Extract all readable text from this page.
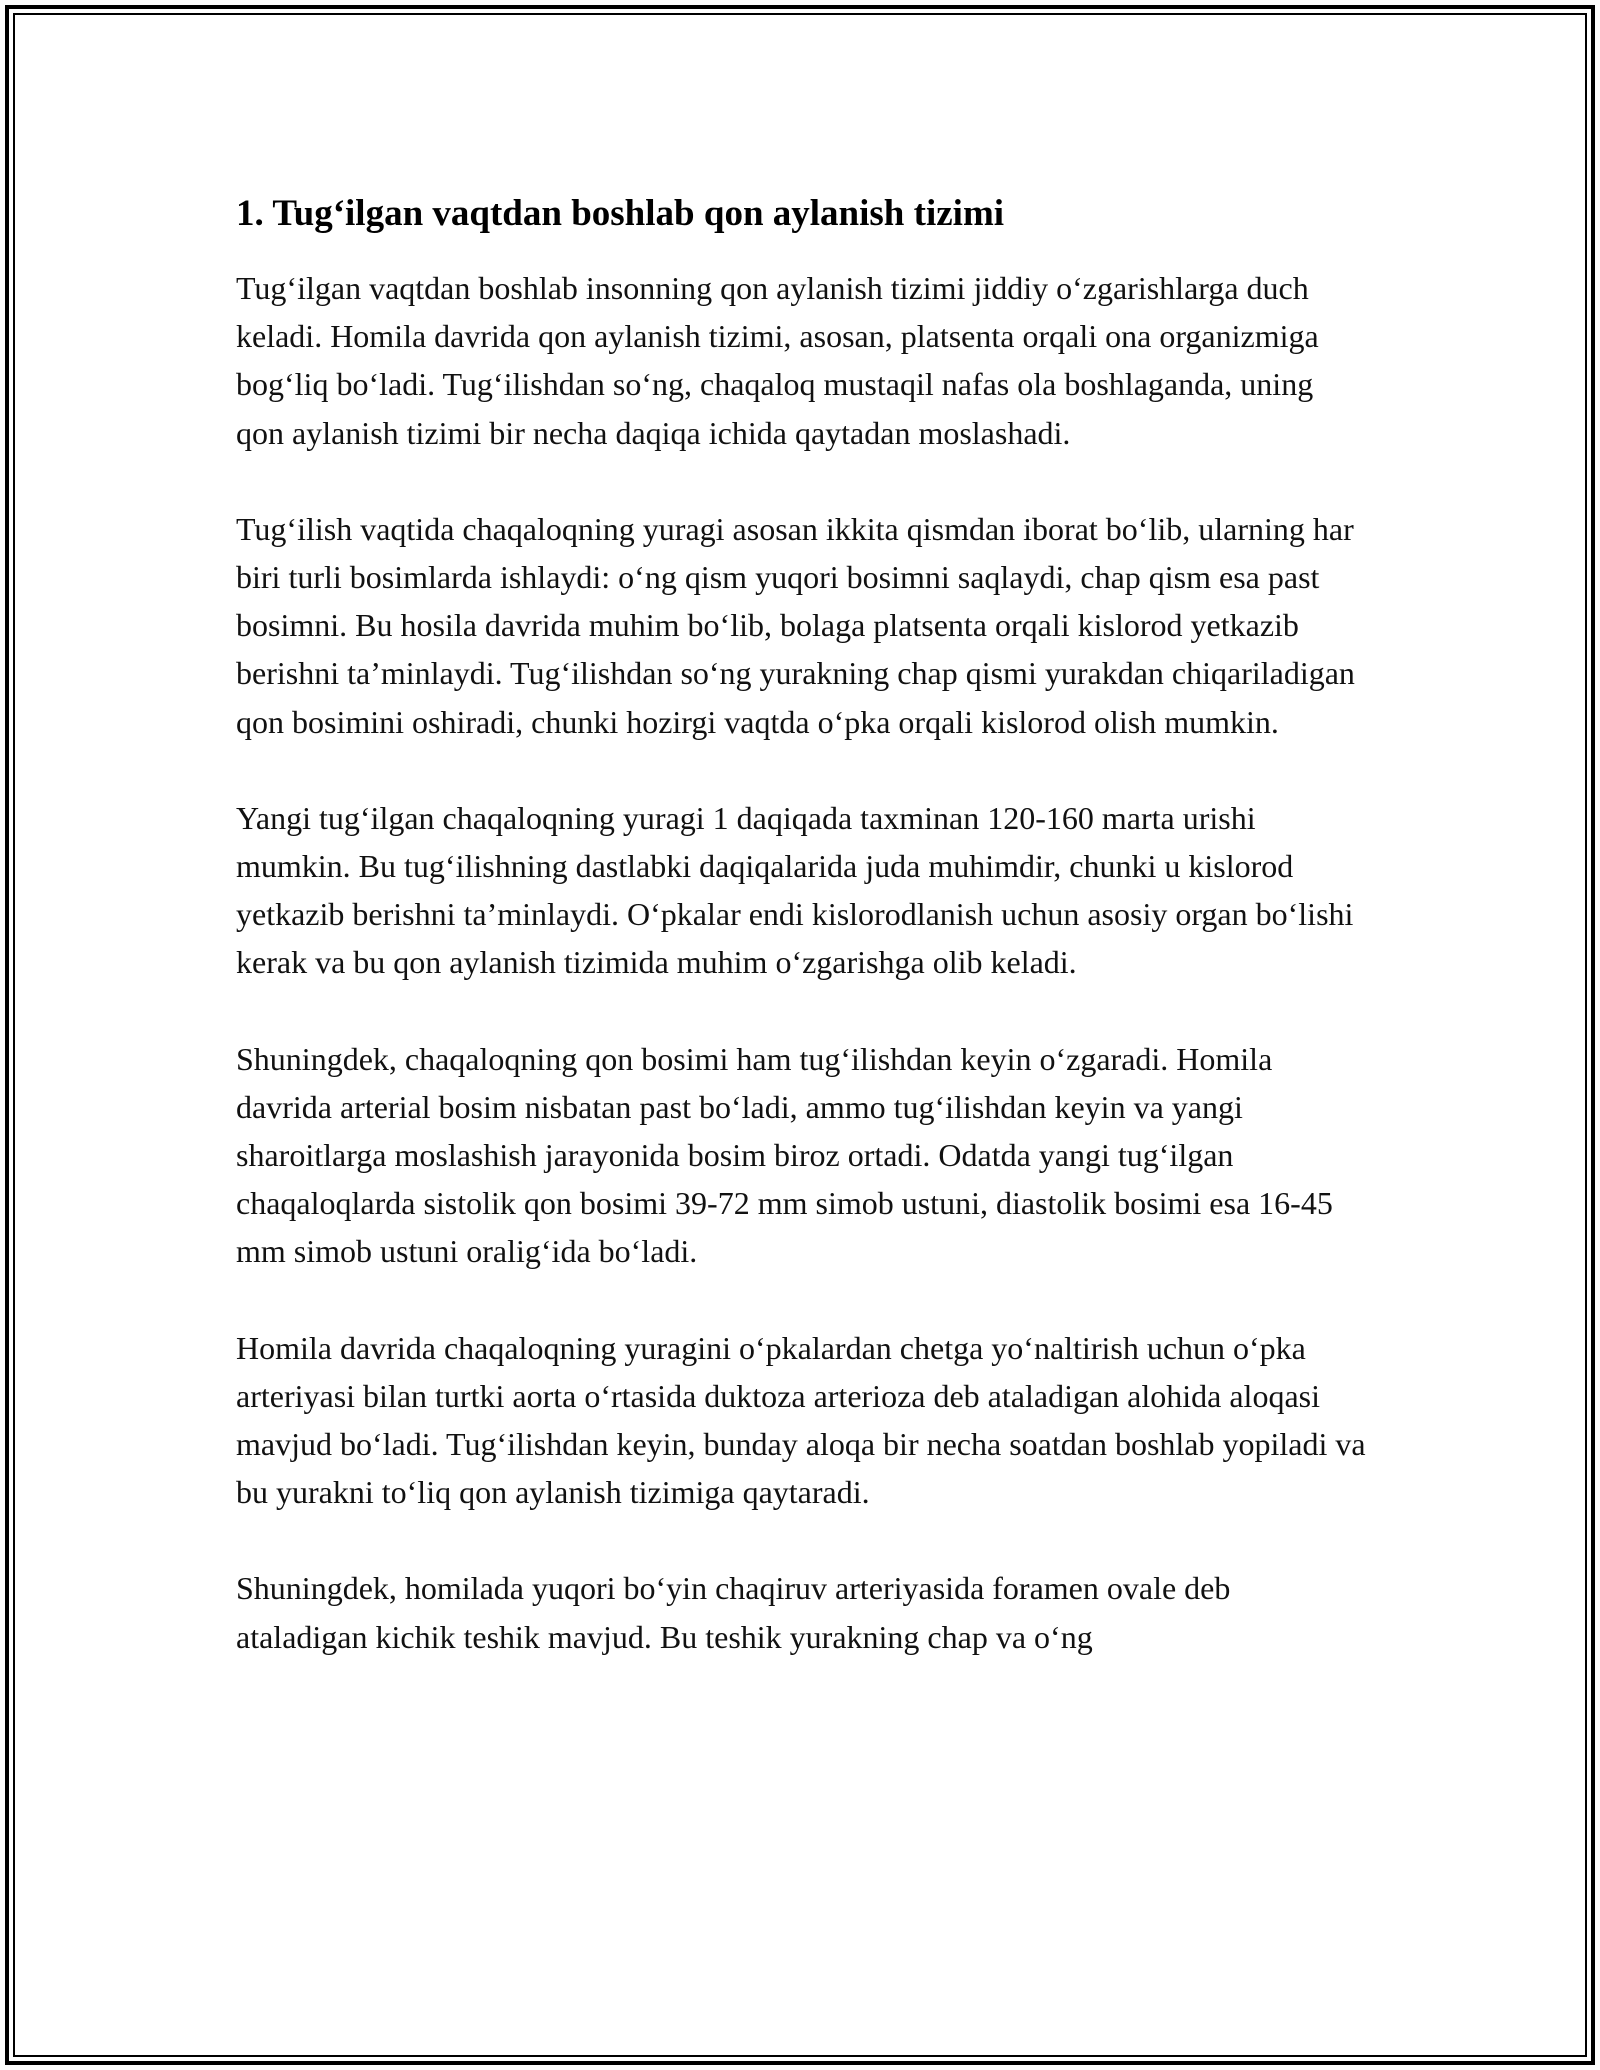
1. Tug‘ilgan vaqtdan boshlab qon aylanish tizimi

Tug‘ilgan vaqtdan boshlab insonning qon aylanish tizimi jiddiy o‘zgarishlarga duch keladi. Homila davrida qon aylanish tizimi, asosan, platsenta orqali ona organizmiga bog‘liq bo‘ladi. Tug‘ilishdan so‘ng, chaqaloq mustaqil nafas ola boshlaganda, uning qon aylanish tizimi bir necha daqiqa ichida qaytadan moslashadi.

Tug‘ilish vaqtida chaqaloqning yuragi asosan ikkita qismdan iborat bo‘lib, ularning har biri turli bosimlarda ishlaydi: o‘ng qism yuqori bosimni saqlaydi, chap qism esa past bosimni. Bu hosila davrida muhim bo‘lib, bolaga platsenta orqali kislorod yetkazib berishni ta’minlaydi. Tug‘ilishdan so‘ng yurakning chap qismi yurakdan chiqariladigan qon bosimini oshiradi, chunki hozirgi vaqtda o‘pka orqali kislorod olish mumkin.

Yangi tug‘ilgan chaqaloqning yuragi 1 daqiqada taxminan 120-160 marta urishi mumkin. Bu tug‘ilishning dastlabki daqiqalarida juda muhimdir, chunki u kislorod yetkazib berishni ta’minlaydi. O‘pkalar endi kislorodlanish uchun asosiy organ bo‘lishi kerak va bu qon aylanish tizimida muhim o‘zgarishga olib keladi.

Shuningdek, chaqaloqning qon bosimi ham tug‘ilishdan keyin o‘zgaradi. Homila davrida arterial bosim nisbatan past bo‘ladi, ammo tug‘ilishdan keyin va yangi sharoitlarga moslashish jarayonida bosim biroz ortadi. Odatda yangi tug‘ilgan chaqaloqlarda sistolik qon bosimi 39-72 mm simob ustuni, diastolik bosimi esa 16-45 mm simob ustuni oralig‘ida bo‘ladi.

Homila davrida chaqaloqning yuragini o‘pkalardan chetga yo‘naltirish uchun o‘pka arteriyasi bilan turtki aorta o‘rtasida duktoza arterioza deb ataladigan alohida aloqasi mavjud bo‘ladi. Tug‘ilishdan keyin, bunday aloqa bir necha soatdan boshlab yopiladi va bu yurakni to‘liq qon aylanish tizimiga qaytaradi.

Shuningdek, homilada yuqori bo‘yin chaqiruv arteriyasida foramen ovale deb ataladigan kichik teshik mavjud. Bu teshik yurakning chap va o‘ng
